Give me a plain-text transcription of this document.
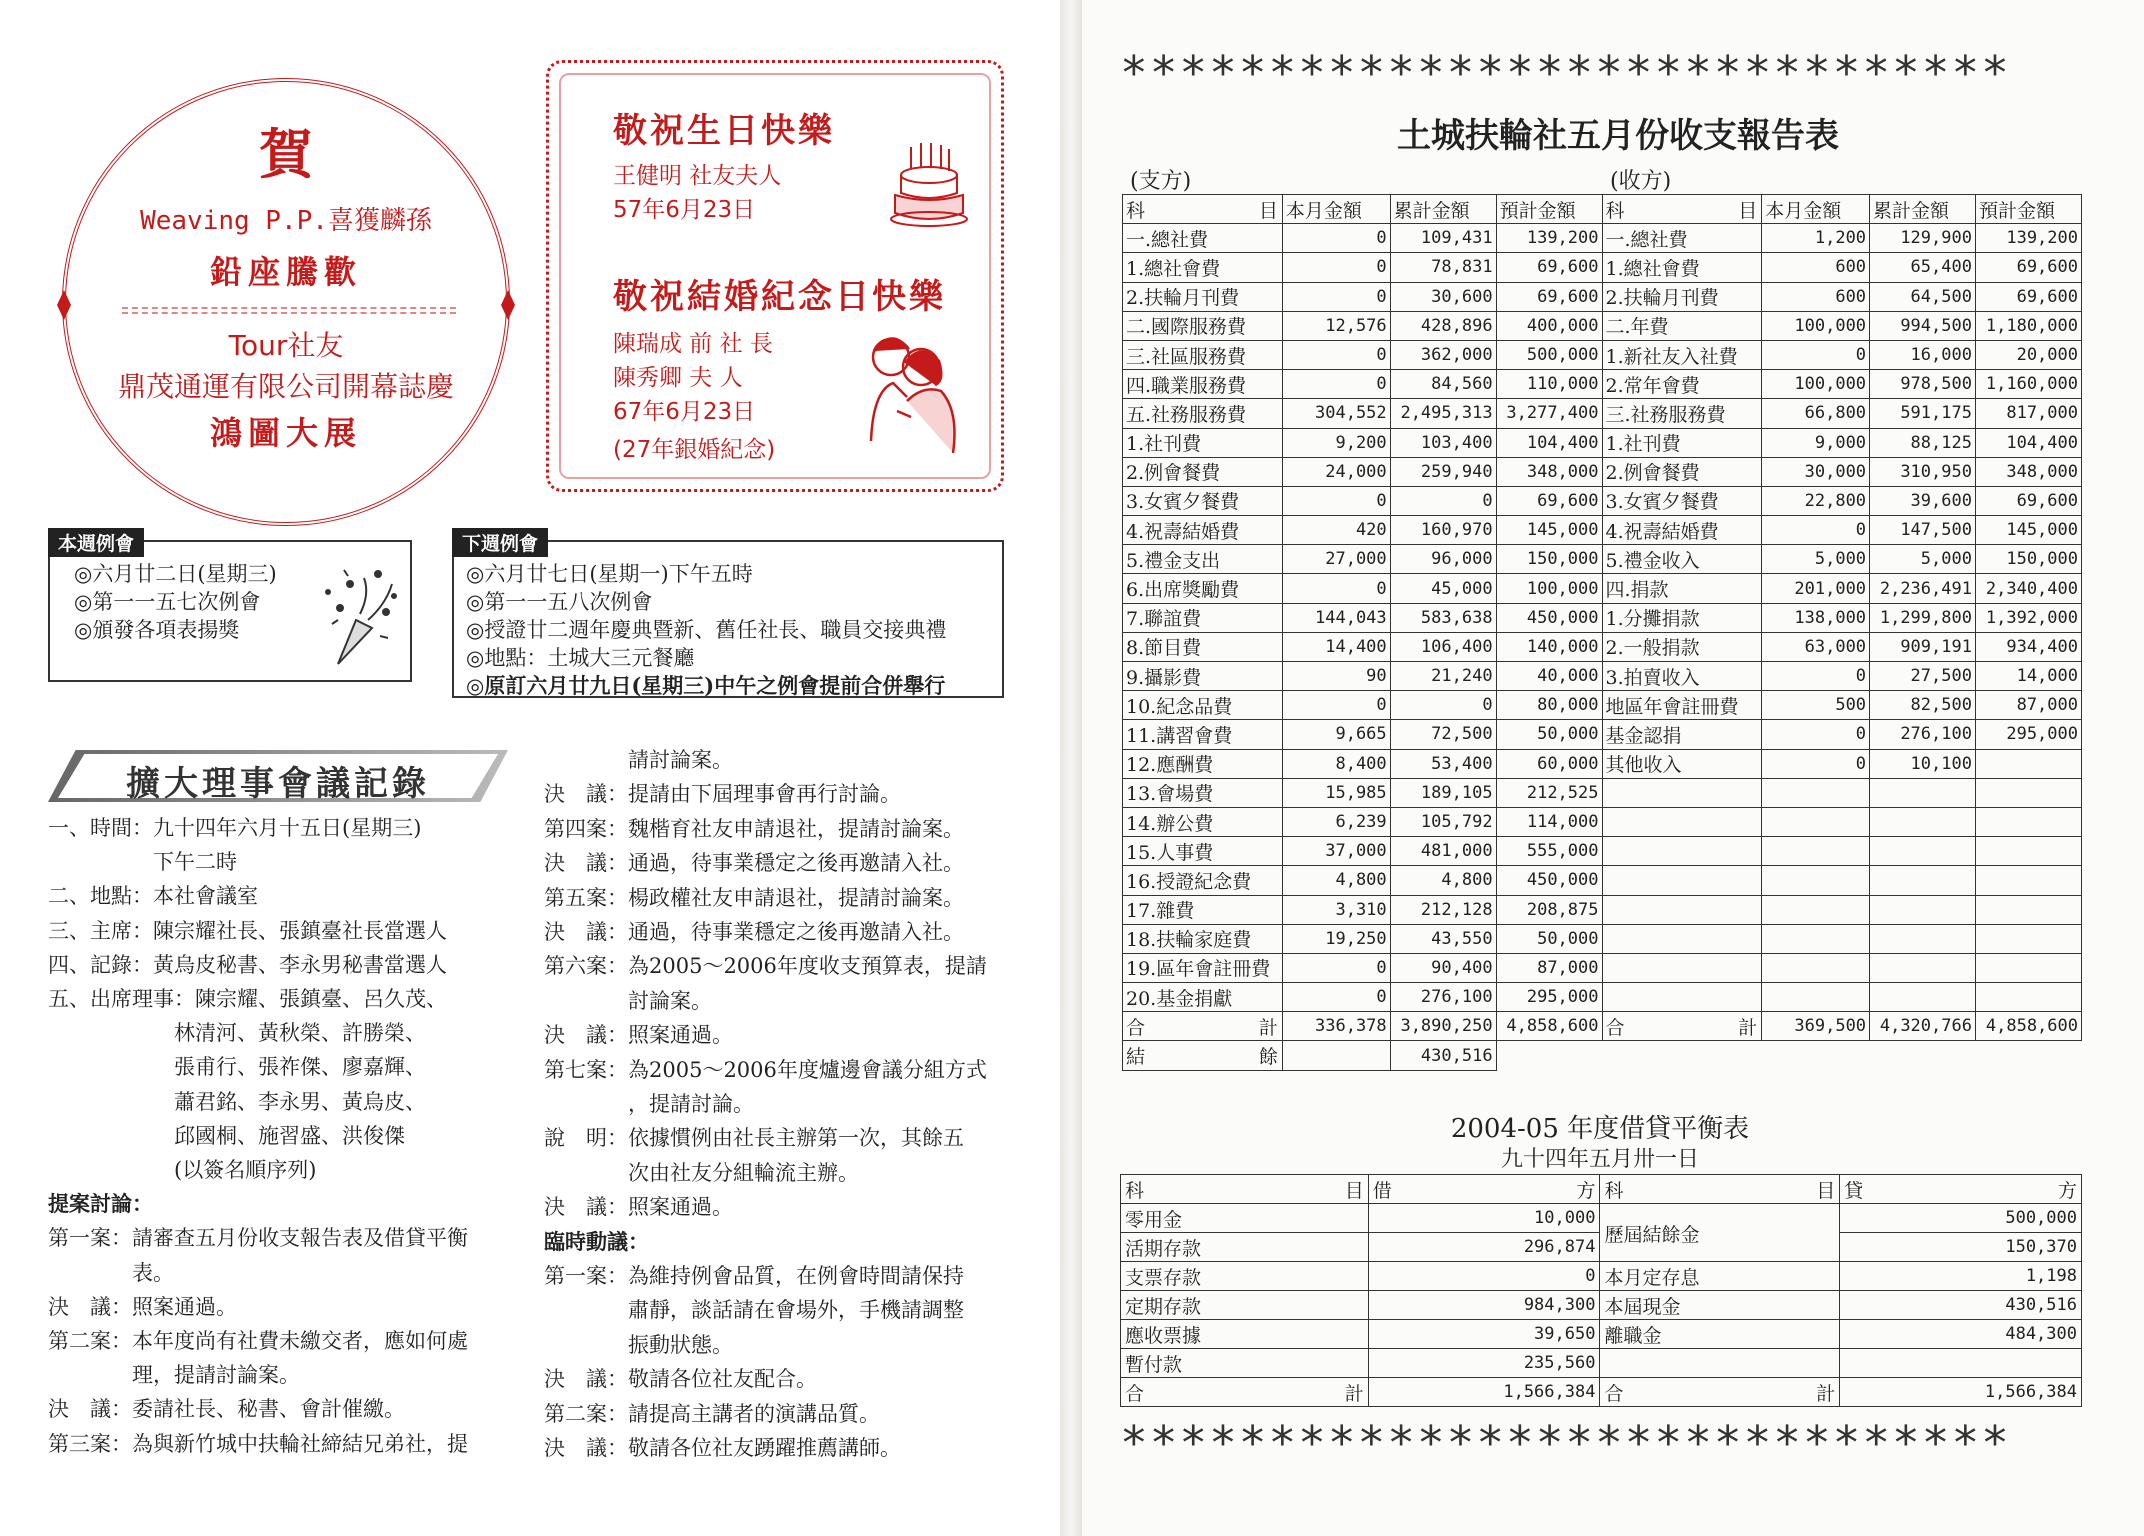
賀
Weaving P.P.喜獲麟孫
鉛座騰歡
Tour社友
鼎茂通運有限公司開幕誌慶
鴻圖大展
敬祝生日快樂
王健明 社友夫人
57年6月23日
敬祝結婚紀念日快樂
陳瑞成 前 社 長
陳秀卿 夫 人
67年6月23日
(27年銀婚紀念)
本週例會
◎六月廿二日(星期三)
◎第一一五七次例會
◎頒發各項表揚獎
下週例會
◎六月廿七日(星期一)下午五時
◎第一一五八次例會
◎授證廿二週年慶典暨新、舊任社長、職員交接典禮
◎地點：土城大三元餐廳
◎原訂六月廿九日(星期三)中午之例會提前合併舉行
擴大理事會議記錄
一、時間：九十四年六月十五日(星期三)
　　　　　下午二時
二、地點：本社會議室
三、主席：陳宗耀社長、張鎮臺社長當選人
四、記錄：黃烏皮秘書、李永男秘書當選人
五、出席理事：陳宗耀、張鎮臺、呂久茂、
　　　　　　林清河、黃秋榮、許勝榮、
　　　　　　張甫行、張祚傑、廖嘉輝、
　　　　　　蕭君銘、李永男、黃烏皮、
　　　　　　邱國桐、施習盛、洪俊傑
　　　　　　(以簽名順序列)
提案討論：
第一案：請審查五月份收支報告表及借貸平衡
　　　　表。
決　議：照案通過。
第二案：本年度尚有社費未繳交者，應如何處
　　　　理，提請討論案。
決　議：委請社長、秘書、會計催繳。
第三案：為與新竹城中扶輪社締結兄弟社，提
　　　　請討論案。
決　議：提請由下屆理事會再行討論。
第四案：魏楷育社友申請退社，提請討論案。
決　議：通過，待事業穩定之後再邀請入社。
第五案：楊政權社友申請退社，提請討論案。
決　議：通過，待事業穩定之後再邀請入社。
第六案：為2005～2006年度收支預算表，提請
　　　　討論案。
決　議：照案通過。
第七案：為2005～2006年度爐邊會議分組方式
　　　　，提請討論。
說　明：依據慣例由社長主辦第一次，其餘五
　　　　次由社友分組輪流主辦。
決　議：照案通過。
臨時動議：
第一案：為維持例會品質，在例會時間請保持
　　　　肅靜，談話請在會場外，手機請調整
　　　　振動狀態。
決　議：敬請各位社友配合。
第二案：請提高主講者的演講品質。
決　議：敬請各位社友踴躍推薦講師。
******************************
土城扶輪社五月份收支報告表
(支方)	(收方)
科 目	本月金額	累計金額	預計金額	科 目	本月金額	累計金額	預計金額
一.總社費	0	109,431	139,200	一.總社費	1,200	129,900	139,200
1.總社會費	0	78,831	69,600	1.總社會費	600	65,400	69,600
2.扶輪月刊費	0	30,600	69,600	2.扶輪月刊費	600	64,500	69,600
二.國際服務費	12,576	428,896	400,000	二.年費	100,000	994,500	1,180,000
三.社區服務費	0	362,000	500,000	1.新社友入社費	0	16,000	20,000
四.職業服務費	0	84,560	110,000	2.常年會費	100,000	978,500	1,160,000
五.社務服務費	304,552	2,495,313	3,277,400	三.社務服務費	66,800	591,175	817,000
1.社刊費	9,200	103,400	104,400	1.社刊費	9,000	88,125	104,400
2.例會餐費	24,000	259,940	348,000	2.例會餐費	30,000	310,950	348,000
3.女賓夕餐費	0	0	69,600	3.女賓夕餐費	22,800	39,600	69,600
4.祝壽結婚費	420	160,970	145,000	4.祝壽結婚費	0	147,500	145,000
5.禮金支出	27,000	96,000	150,000	5.禮金收入	5,000	5,000	150,000
6.出席獎勵費	0	45,000	100,000	四.捐款	201,000	2,236,491	2,340,400
7.聯誼費	144,043	583,638	450,000	1.分攤捐款	138,000	1,299,800	1,392,000
8.節目費	14,400	106,400	140,000	2.一般捐款	63,000	909,191	934,400
9.攝影費	90	21,240	40,000	3.拍賣收入	0	27,500	14,000
10.紀念品費	0	0	80,000	地區年會註冊費	500	82,500	87,000
11.講習會費	9,665	72,500	50,000	基金認捐	0	276,100	295,000
12.應酬費	8,400	53,400	60,000	其他收入	0	10,100	
13.會場費	15,985	189,105	212,525				
14.辦公費	6,239	105,792	114,000				
15.人事費	37,000	481,000	555,000				
16.授證紀念費	4,800	4,800	450,000				
17.雜費	3,310	212,128	208,875				
18.扶輪家庭費	19,250	43,550	50,000				
19.區年會註冊費	0	90,400	87,000				
20.基金捐獻	0	276,100	295,000				
合 計	336,378	3,890,250	4,858,600	合 計	369,500	4,320,766	4,858,600
結 餘		430,516					
2004-05 年度借貸平衡表
九十四年五月卅一日
科 目	借 方	科 目	貸 方

零用金	10,000	歷屆結餘金	500,000
活期存款	296,874		150,370
支票存款	0	本月定存息	1,198
定期存款	984,300	本屆現金	430,516
應收票據	39,650	離職金	484,300
暫付款	235,560		
合 計	1,566,384	合 計	1,566,384
******************************
